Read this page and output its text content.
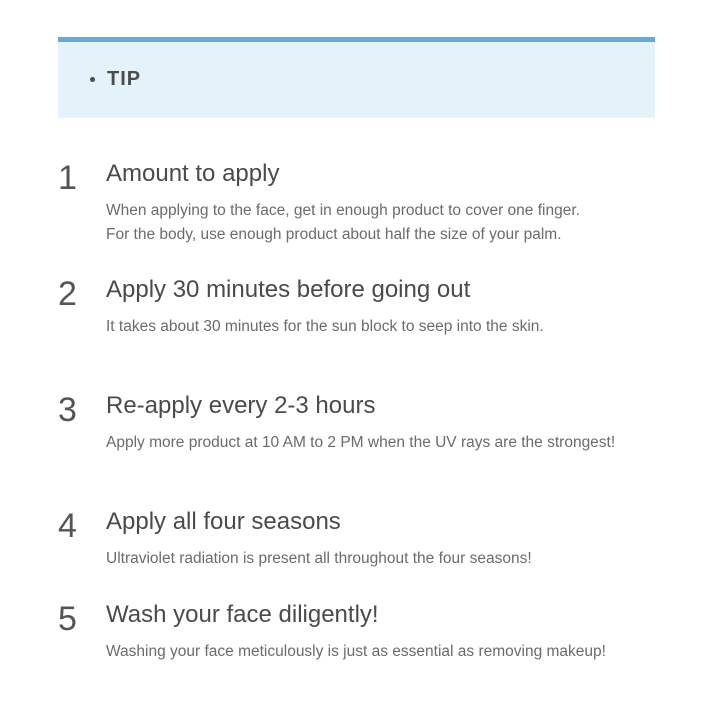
TIP
1	Amount to apply
When applying to the face, get in enough product to cover one finger.
For the body, use enough product about half the size of your palm.
2	Apply 30 minutes before going out
It takes about 30 minutes for the sun block to seep into the skin.
3	Re-apply every 2-3 hours
Apply more product at 10 AM to 2 PM when the UV rays are the strongest!
4	Apply all four seasons
Ultraviolet radiation is present all throughout the four seasons!
5	Wash your face diligently!
Washing your face meticulously is just as essential as removing makeup!
